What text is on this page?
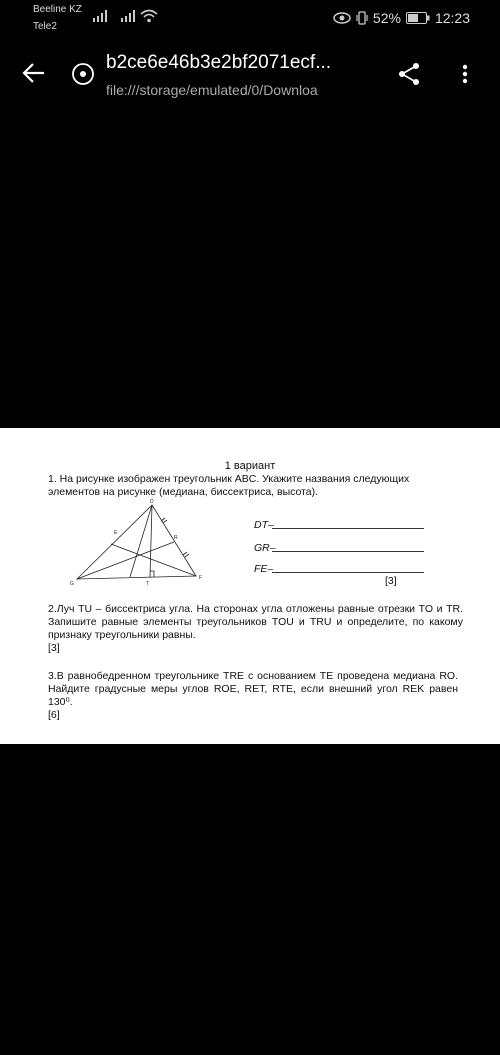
Beeline KZ
Tele2
52% 12:23
b2ce6e46b3e2bf2071ecf...
file:///storage/emulated/0/Downloa

1 вариант

1. На рисунке изображен треугольник ABC. Укажите названия следующих элементов на рисунке (медиана, биссектриса, высота).

D
E
R
G	T
F
DT–
GR–
FE–
[3]

2.Луч TU – биссектриса угла. На сторонах угла отложены равные отрезки TO и TR. Запишите равные элементы треугольников TOU и TRU и определите, по какому признаку треугольники равны.
[3]

3.В равнобедренном треугольнике TRE с основанием TE проведена медиана RO. Найдите градусные меры углов ROE, RET, RTE, если внешний угол REK равен 130⁰.
[6]
